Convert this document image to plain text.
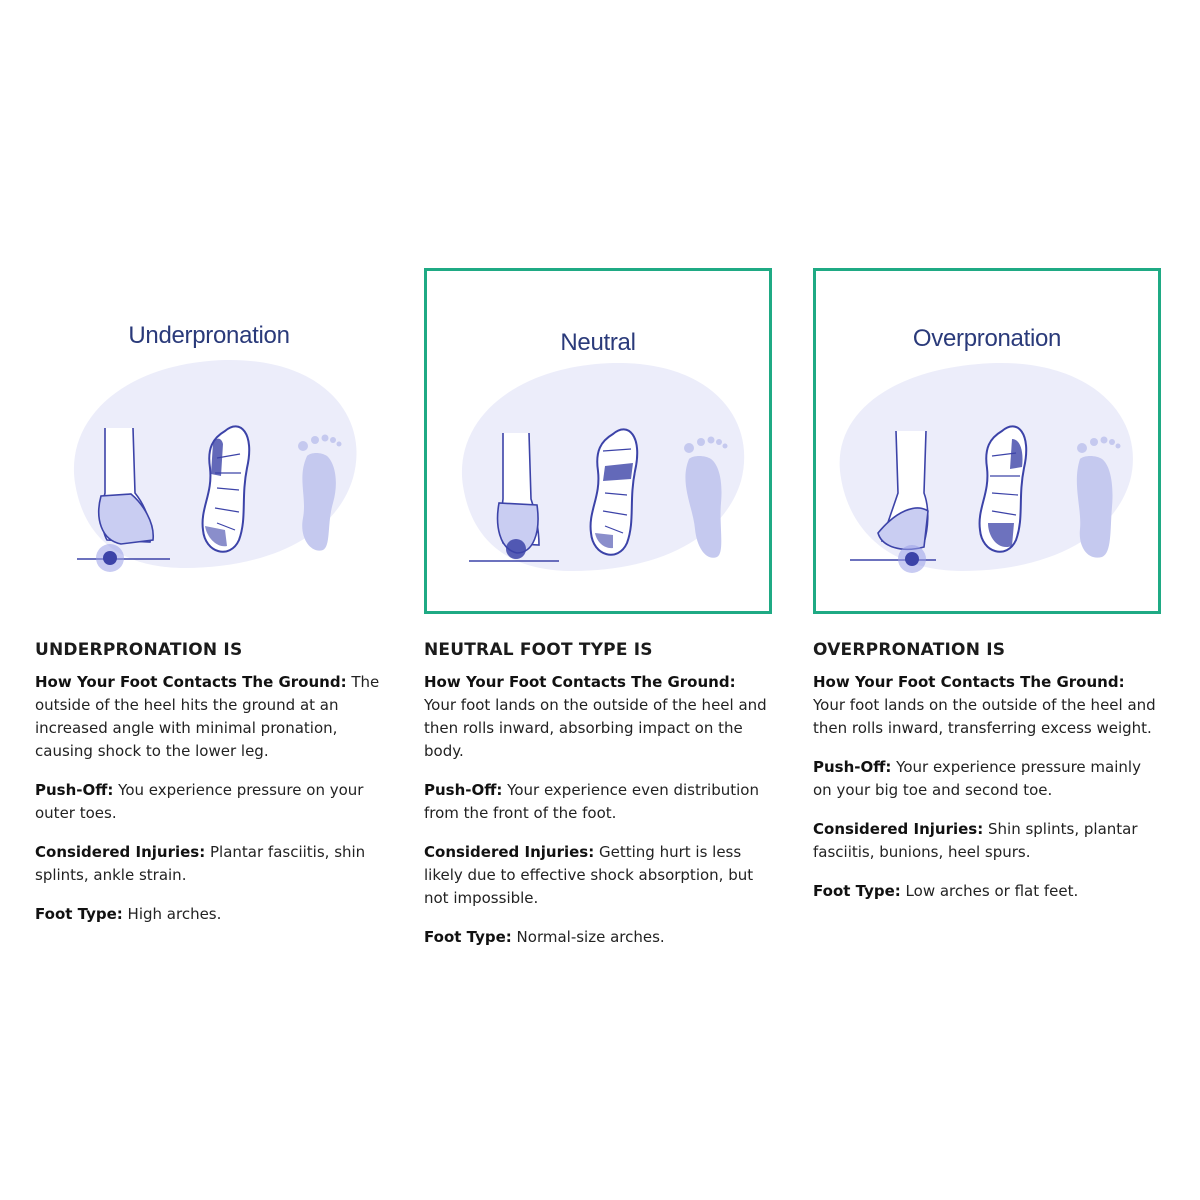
Underpronation
UNDERPRONATION IS

How Your Foot Contacts The Ground: The outside of the heel hits the ground at an increased angle with minimal pronation, causing shock to the lower leg.

Push-Off: You experience pressure on your outer toes.

Considered Injuries: Plantar fasciitis, shin splints, ankle strain.

Foot Type: High arches.

Neutral
NEUTRAL FOOT TYPE IS

How Your Foot Contacts The Ground: Your foot lands on the outside of the heel and then rolls inward, absorbing impact on the body.

Push-Off: Your experience even distribution from the front of the foot.

Considered Injuries: Getting hurt is less likely due to effective shock absorption, but not impossible.

Foot Type: Normal-size arches.

Overpronation
OVERPRONATION IS

How Your Foot Contacts The Ground: Your foot lands on the outside of the heel and then rolls inward, transferring excess weight.

Push-Off: Your experience pressure mainly on your big toe and second toe.

Considered Injuries: Shin splints, plantar fasciitis, bunions, heel spurs.

Foot Type: Low arches or flat feet.
